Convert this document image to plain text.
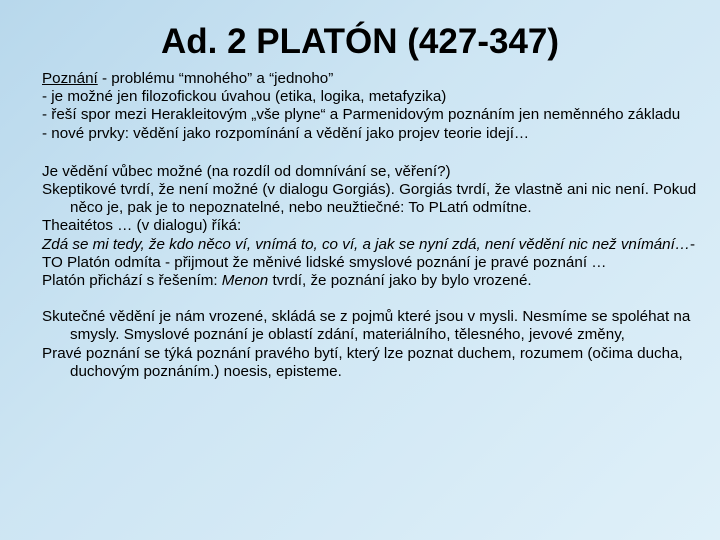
Ad. 2 PLATÓN (427-347)

Poznání - problému “mnohého” a “jednoho”

- je možné jen filozofickou úvahou (etika, logika, metafyzika)

- řeší spor mezi Herakleitovým „vše plyne“ a Parmenidovým poznáním jen neměnného základu

- nové prvky: vědění jako rozpomínání a vědění jako projev teorie idejí…

Je vědění vůbec možné (na rozdíl od domnívání se, věření?)

Skeptikové tvrdí, že není možné (v dialogu Gorgiás). Gorgiás tvrdí, že vlastně ani nic není. Pokud něco je, pak je to nepoznatelné, nebo neužtiečné: To PLatń odmítne.

Theaitétos … (v dialogu) říká:

Zdá se mi tedy, že kdo něco ví, vnímá to, co ví, a jak se nyní zdá, není vědění nic než vnímání…-

TO Platón odmíta - přijmout že měnivé lidské smyslové poznání je pravé poznání …

Platón přichází s řešením: Menon tvrdí, že poznání jako by bylo vrozené.

Skutečné vědění je nám vrozené, skládá se z pojmů které jsou v mysli. Nesmíme se spoléhat na smysly. Smyslové poznání je oblastí zdání, materiálního, tělesného, jevové změny,

Pravé poznání se týká poznání pravého bytí, který lze poznat duchem, rozumem (očima ducha, duchovým poznáním.) noesis, episteme.
